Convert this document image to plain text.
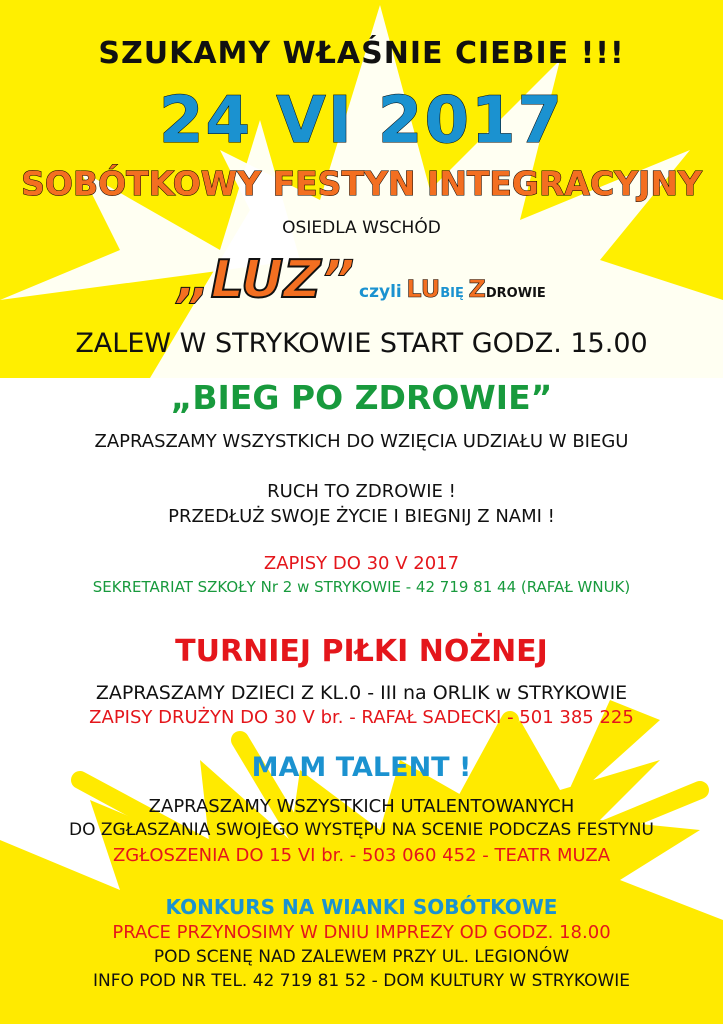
SZUKAMY WŁAŚNIE CIEBIE !!!
24 VI 2017
SOBÓTKOWY FESTYN INTEGRACYJNY
OSIEDLA WSCHÓD
„LUZ” czyli LUBIĘ ZDROWIE
ZALEW W STRYKOWIE START GODZ. 15.00
„BIEG PO ZDROWIE”
ZAPRASZAMY WSZYSTKICH DO WZIĘCIA UDZIAŁU W BIEGU
RUCH TO ZDROWIE !
PRZEDŁUŻ SWOJE ŻYCIE I BIEGNIJ Z NAMI !
ZAPISY DO 30 V 2017
SEKRETARIAT SZKOŁY Nr 2 w STRYKOWIE - 42 719 81 44 (RAFAŁ WNUK)
TURNIEJ PIŁKI NOŻNEJ
ZAPRASZAMY DZIECI Z KL.0 - III na ORLIK w STRYKOWIE
ZAPISY DRUŻYN DO 30 V br. - RAFAŁ SADECKI - 501 385 225
MAM TALENT !
ZAPRASZAMY WSZYSTKICH UTALENTOWANYCH
DO ZGŁASZANIA SWOJEGO WYSTĘPU NA SCENIE PODCZAS FESTYNU
ZGŁOSZENIA DO 15 VI br. - 503 060 452 - TEATR MUZA
KONKURS NA WIANKI SOBÓTKOWE
PRACE PRZYNOSIMY W DNIU IMPREZY OD GODZ. 18.00
POD SCENĘ NAD ZALEWEM PRZY UL. LEGIONÓW
INFO POD NR TEL. 42 719 81 52 - DOM KULTURY W STRYKOWIE
